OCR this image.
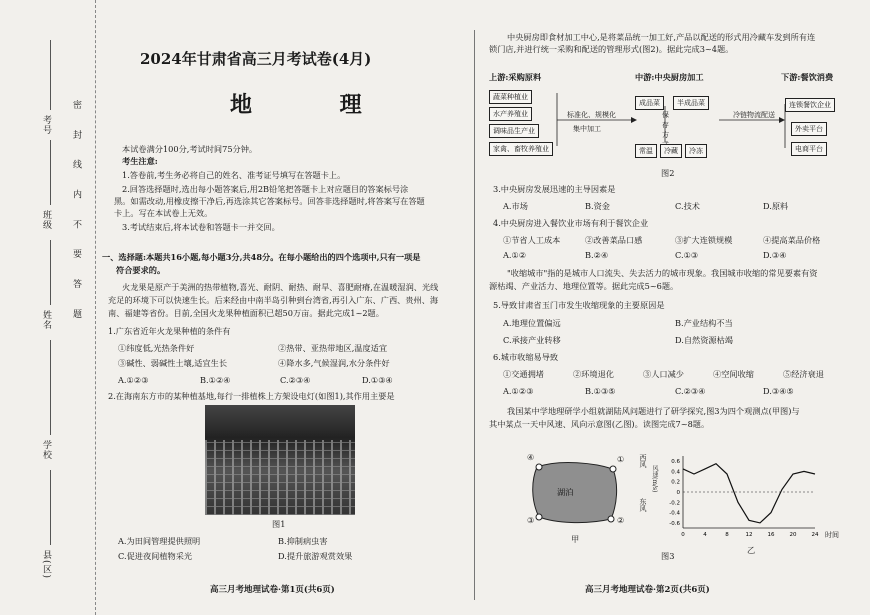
考号
班级
姓名
学校
县(区)
密 封 线 内 不 要 答 题
2024年甘肃省高三月考试卷(4月)
地 理
本试卷满分100分,考试时间75分钟。
考生注意:
1.答卷前,考生务必将自己的姓名、准考证号填写在答题卡上。
2.回答选择题时,选出每小题答案后,用2B铅笔把答题卡上对应题目的答案标号涂
黑。如需改动,用橡皮擦干净后,再选涂其它答案标号。回答非选择题时,将答案写在答题
卡上。写在本试卷上无效。
3.考试结束后,将本试卷和答题卡一并交回。
一、选择题:本题共16小题,每小题3分,共48分。在每小题给出的四个选项中,只有一项是
符合要求的。
火龙果是原产于美洲的热带植物,喜光、耐阴、耐热、耐旱、喜肥耐瘠,在温暖湿润、光线
充足的环境下可以快速生长。后来经由中南半岛引种到台湾省,再引入广东、广西、贵州、海
南、福建等省份。目前,全国火龙果种植面积已超50万亩。据此完成1~2题。
1.广东省近年火龙果种植的条件有
①纬度低,光热条件好	②热带、亚热带地区,温度适宜
③碱性、弱碱性土壤,适宜生长	④降水多,气候湿润,水分条件好
A.①②③	B.①②④	C.②③④	D.①③④
2.在海南东方市的某种植基地,每行一排植株上方架设电灯(如图1),其作用主要是
图1
A.为田间管理提供照明	B.抑制病虫害
C.促进夜间植物采光	D.提升旅游观赏效果
高三月考地理试卷·第1页(共6页)
中央厨房即食材加工中心,是将菜品统一加工好,产品以配送的形式用冷藏车发到所有连
锁门店,并进行统一采购和配送的管理形式(图2)。据此完成3~4题。
上游:采购原料	中游:中央厨房加工	下游:餐饮消费
蔬菜种植业
水产养殖业
调味品生产业
家禽、畜牧养殖业
标准化、规模化
集中加工
保存方
成品菜	半成品菜
常温	冷藏	冷冻
冷链物流配送
连锁餐饮企业
外卖平台
电商平台
图2
3.中央厨房发展迅速的主导因素是
A.市场	B.资金	C.技术	D.原料
4.中央厨房进入餐饮业市场有利于餐饮企业
①节省人工成本	②改善菜品口感	③扩大连锁规模	④提高菜品价格
A.①②	B.②④	C.①③	D.③④
"收缩城市"指的是城市人口流失、失去活力的城市现象。我国城市收缩的常见要素有资
源枯竭、产业活力、地理位置等。据此完成5~6题。
5.导致甘肃省玉门市发生收缩现象的主要原因是
A.地理位置偏远	B.产业结构不当
C.承接产业转移	D.自然资源枯竭
6.城市收缩易导致
①交通拥堵	②环境退化	③人口减少	④空间收缩	⑤经济衰退
A.①②③	B.①③⑤	C.②③④	D.③④⑤
我国某中学地理研学小组就湖陆风问题进行了研学探究,图3为四个观测点(甲图)与
其中某点一天中风速、风向示意图(乙图)。读图完成7~8题。
湖泊
④	①
②
③
甲
0.6
0.4
0.2
0
-0.2
-0.4
-0.6
0	4	8	12	16	20	24
西风
东风
风速(m/s)
时间
乙
图3
高三月考地理试卷·第2页(共6页)
